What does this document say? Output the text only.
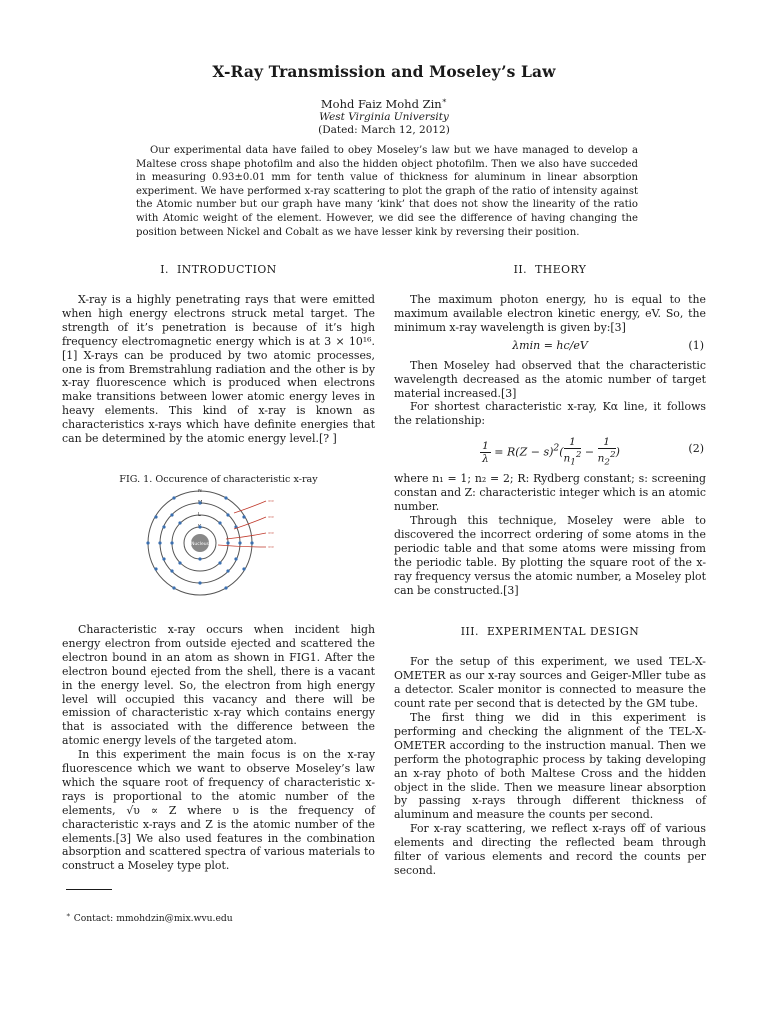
X-Ray Transmission and Moseley’s Law
Mohd Faiz Mohd Zin∗
West Virginia University
(Dated: March 12, 2012)

Our experimental data have failed to obey Moseley’s law but we have managed to develop a Maltese cross shape photofilm and also the hidden object photofilm. Then we also have succeded in measuring 0.93±0.01 mm for tenth value of thickness for aluminum in linear absorption experiment. We have performed x-ray scattering to plot the graph of the ratio of intensity against the Atomic number but our graph have many ‘kink’ that does not show the linearity of the ratio with Atomic weight of the element. However, we did see the difference of having changing the position between Nickel and Cobalt as we have lesser kink by reversing their position.

I. INTRODUCTION

X-ray is a highly penetrating rays that were emitted when high energy electrons struck metal target. The strength of it’s penetration is because of it’s high frequency electromagnetic energy which is at 3 × 10¹⁶.[1] X-rays can be produced by two atomic processes, one is from Bremstrahlung radiation and the other is by x-ray fluorescence which is produced when electrons make transitions between lower atomic energy leves in heavy elements. This kind of x-ray is known as characteristics x-rays which have definite energies that can be determined by the atomic energy level.[? ]

FIG. 1. Occurence of characteristic x-ray

Nucleus
N
L
≈≈
≈≈
≈≈
≈≈

Characteristic x-ray occurs when incident high energy electron from outside ejected and scattered the electron bound in an atom as shown in FIG1. After the electron bound ejected from the shell, there is a vacant in the energy level. So, the electron from high energy level will occupied this vacancy and there will be emission of characteristic x-ray which contains energy that is associated with the difference between the atomic energy levels of the targeted atom.

In this experiment the main focus is on the x-ray fluorescence which we want to observe Moseley’s law which the square root of frequency of characteristic x-rays is proportional to the atomic number of the elements, √υ ∝ Z where υ is the frequency of characteristic x-rays and Z is the atomic number of the elements.[3] We also used features in the combination absorption and scattered spectra of various materials to construct a Moseley type plot.

II. THEORY

The maximum photon energy, hυ is equal to the maximum available electron kinetic energy, eV. So, the minimum x-ray wavelength is given by:[3]

λmin = hc/eV	(1)

Then Moseley had observed that the characteristic wavelength decreased as the atomic number of target material increased.[3]

For shortest characteristic x-ray, Kα line, it follows the relationship:

$\frac{1}{\lambda} = R(Z - s)^2( \frac{1}{n_1^2} - \frac{1}{n_2^2}$ )	(2)

where n₁ = 1; n₂ = 2; R: Rydberg constant; s: screening constan and Z: characteristic integer which is an atomic number.

Through this technique, Moseley were able to discovered the incorrect ordering of some atoms in the periodic table and that some atoms were missing from the periodic table. By plotting the square root of the x-ray frequency versus the atomic number, a Moseley plot can be constructed.[3]

III. EXPERIMENTAL DESIGN

For the setup of this experiment, we used TEL-X-OMETER as our x-ray sources and Geiger-Mller tube as a detector. Scaler monitor is connected to measure the count rate per second that is detected by the GM tube.

The first thing we did in this experiment is performing and checking the alignment of the TEL-X-OMETER according to the instruction manual. Then we perform the photographic process by taking developing an x-ray photo of both Maltese Cross and the hidden object in the slide. Then we measure linear absorption by passing x-rays through different thickness of aluminum and measure the counts per second.

For x-ray scattering, we reflect x-rays off of various elements and directing the reflected beam through filter of various elements and record the counts per second.

∗ Contact: mmohdzin@mix.wvu.edu
